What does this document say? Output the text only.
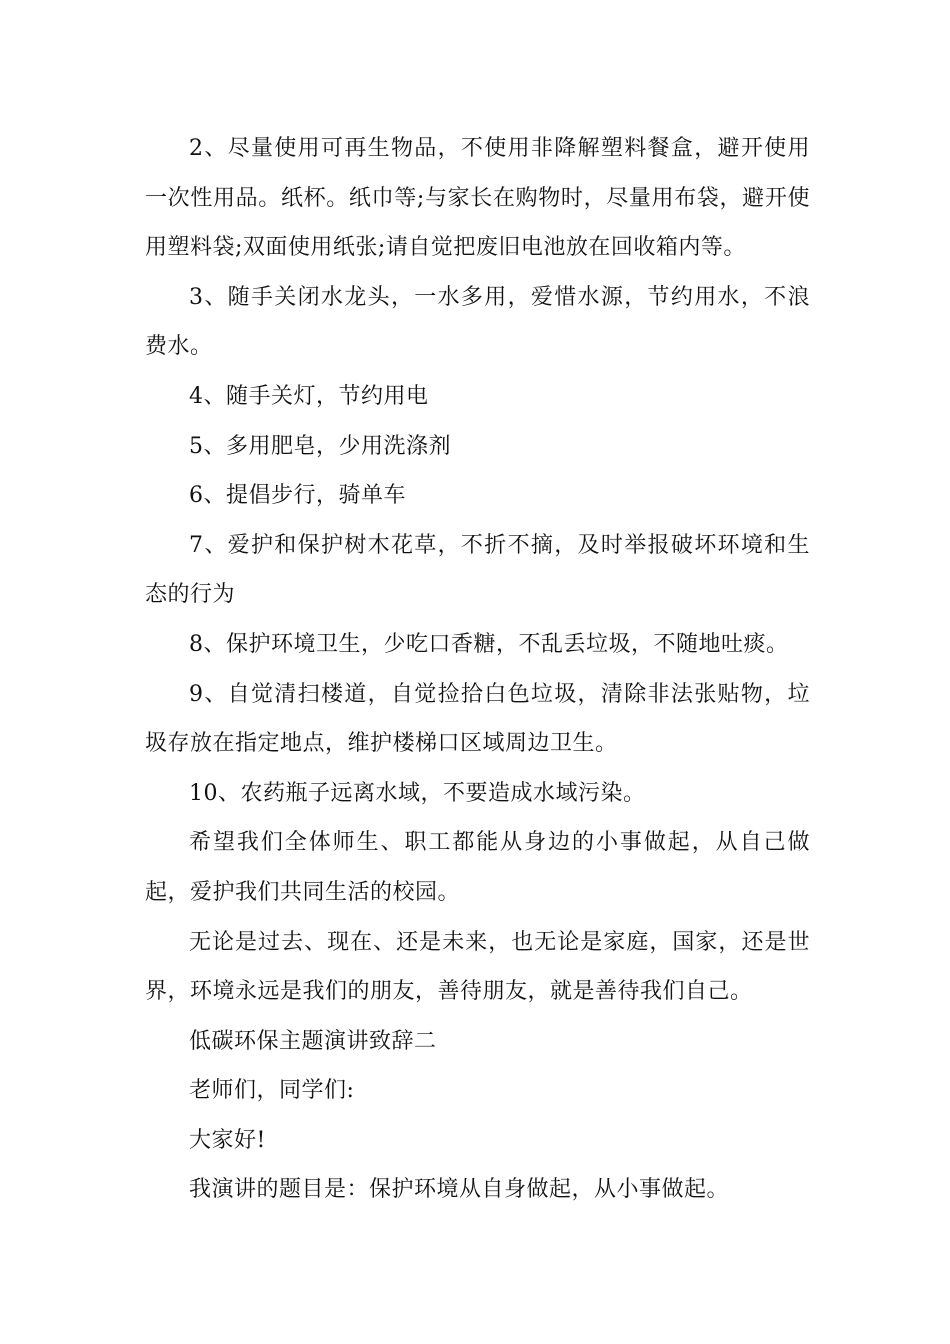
2、尽量使用可再生物品，不使用非降解塑料餐盒，避开使用一次性用品。纸杯。纸巾等;与家长在购物时，尽量用布袋，避开使用塑料袋;双面使用纸张;请自觉把废旧电池放在回收箱内等。

3、随手关闭水龙头，一水多用，爱惜水源，节约用水，不浪费水。

4、随手关灯，节约用电

5、多用肥皂，少用洗涤剂

6、提倡步行，骑单车

7、爱护和保护树木花草，不折不摘，及时举报破坏环境和生态的行为

8、保护环境卫生，少吃口香糖，不乱丢垃圾，不随地吐痰。

9、自觉清扫楼道，自觉捡拾白色垃圾，清除非法张贴物，垃圾存放在指定地点，维护楼梯口区域周边卫生。

10、农药瓶子远离水域，不要造成水域污染。

希望我们全体师生、职工都能从身边的小事做起，从自己做起，爱护我们共同生活的校园。

无论是过去、现在、还是未来，也无论是家庭，国家，还是世界，环境永远是我们的朋友，善待朋友，就是善待我们自己。

低碳环保主题演讲致辞二

老师们，同学们:

大家好!

我演讲的题目是：保护环境从自身做起，从小事做起。
